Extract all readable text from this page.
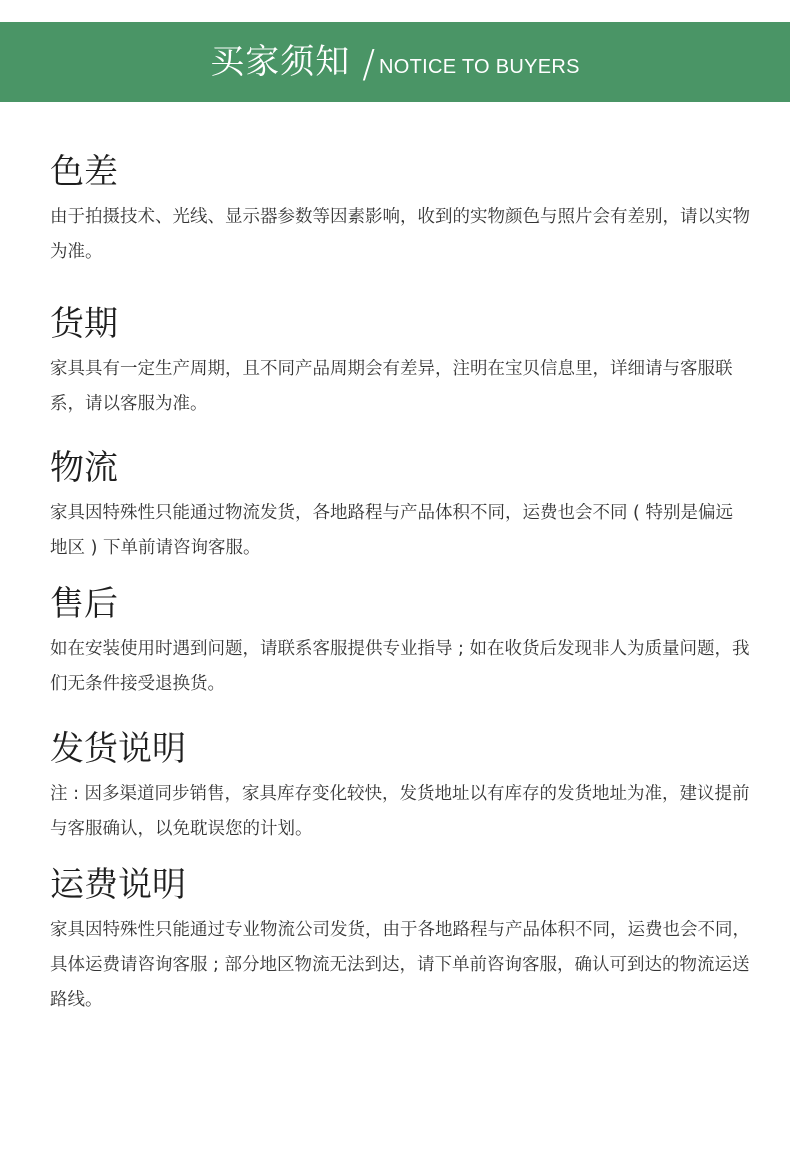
买家须知 / NOTICE TO BUYERS
色差

由于拍摄技术、光线、显示器参数等因素影响，收到的实物颜色与照片会有差别，请以实物为准。

货期

家具具有一定生产周期，且不同产品周期会有差异，注明在宝贝信息里，详细请与客服联系，请以客服为准。

物流

家具因特殊性只能通过物流发货，各地路程与产品体积不同，运费也会不同 ( 特别是偏远地区 ) 下单前请咨询客服。

售后

如在安装使用时遇到问题，请联系客服提供专业指导 ; 如在收货后发现非人为质量问题，我们无条件接受退换货。

发货说明

注 : 因多渠道同步销售，家具库存变化较快，发货地址以有库存的发货地址为准，建议提前与客服确认，以免耽误您的计划。

运费说明

家具因特殊性只能通过专业物流公司发货，由于各地路程与产品体积不同，运费也会不同，具体运费请咨询客服 ; 部分地区物流无法到达，请下单前咨询客服，确认可到达的物流运送路线。
